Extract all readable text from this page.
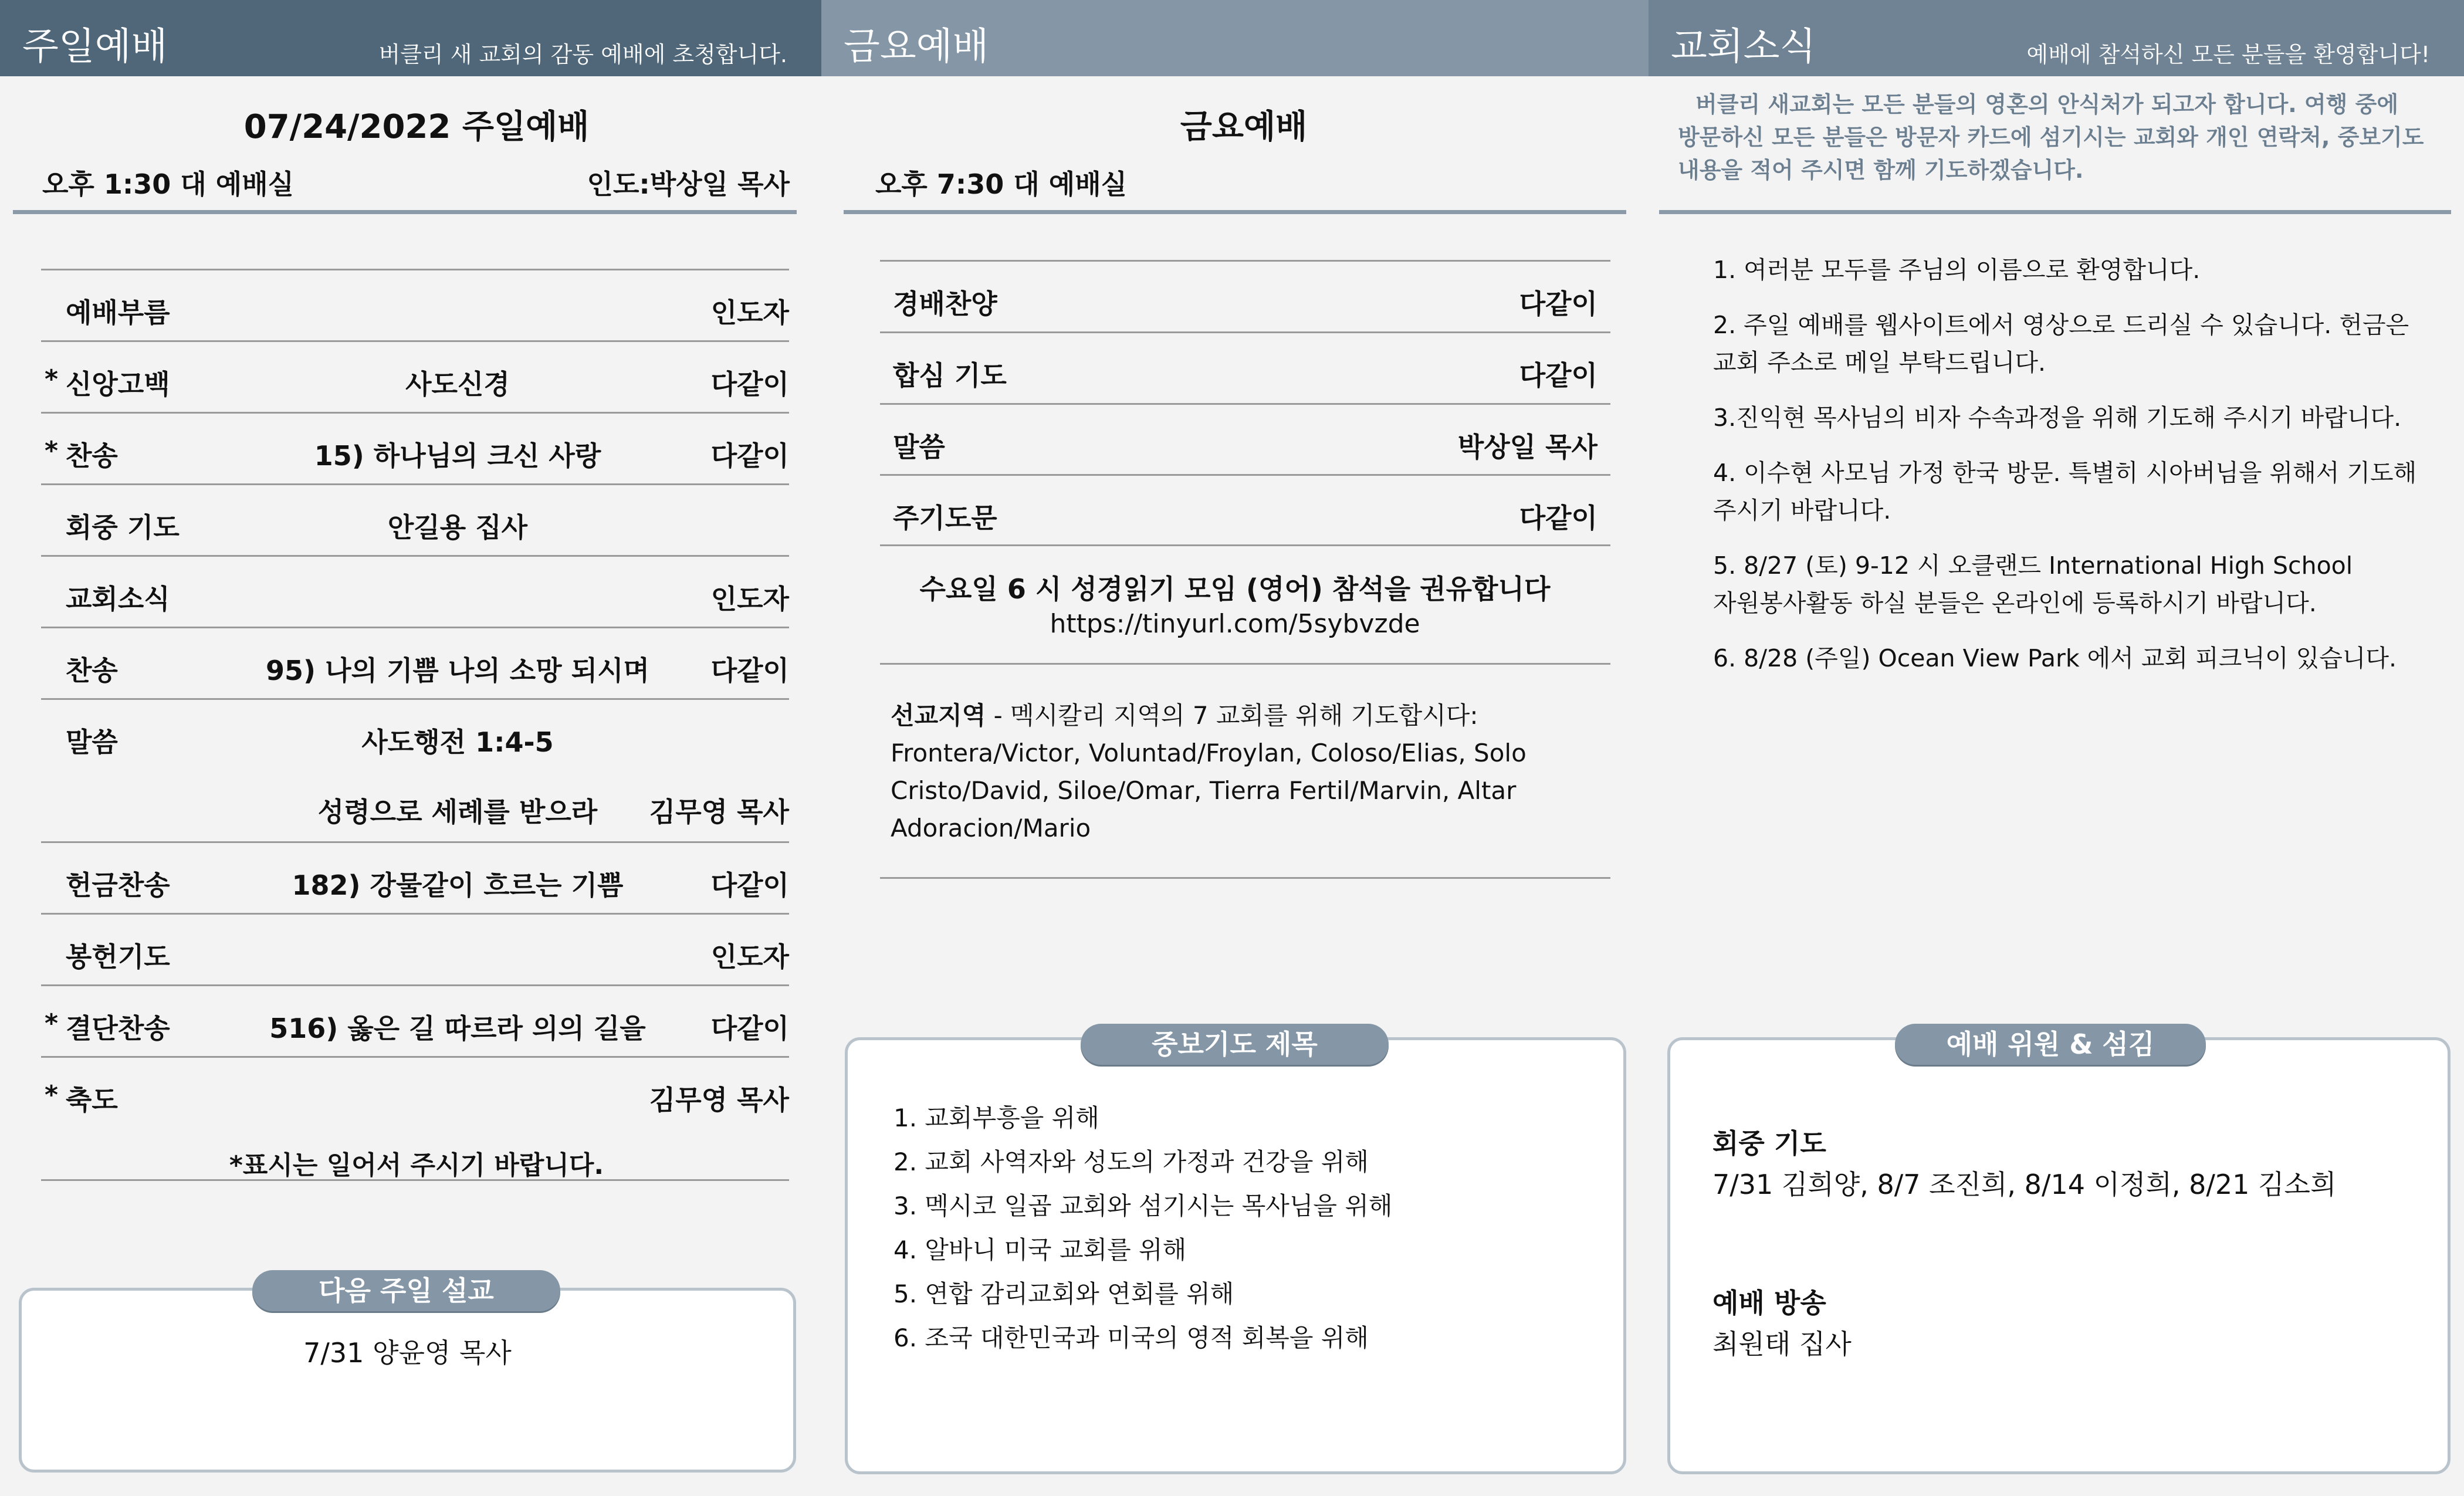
주일예배	버클리 새 교회의 감동 예배에 초청합니다.
07/24/2022 주일예배
오후 1:30 대 예배실	인도:박상일 목사
예배부름	인도자
* 신앙고백	사도신경	다같이
* 찬송	15) 하나님의 크신 사랑	다같이
회중 기도	안길용 집사
교회소식	인도자
찬송	95) 나의 기쁨 나의 소망 되시며	다같이
말씀	사도행전 1:4-5
성령으로 세례를 받으라	김무영 목사
헌금찬송	182) 강물같이 흐르는 기쁨	다같이
봉헌기도	인도자
* 결단찬송	516) 옳은 길 따르라 의의 길을	다같이
* 축도	김무영 목사
*표시는 일어서 주시기 바랍니다.
7/31 양윤영 목사
다음 주일 설교
금요예배
금요예배
오후 7:30 대 예배실
경배찬양	다같이
합심 기도	다같이
말씀	박상일 목사
주기도문	다같이
수요일 6 시 성경읽기 모임 (영어) 참석을 권유합니다
https://tinyurl.com/5sybvzde
선교지역 - 멕시칼리 지역의 7 교회를 위해 기도합시다:
Frontera/Victor, Voluntad/Froylan, Coloso/Elias, Solo
Cristo/David, Siloe/Omar, Tierra Fertil/Marvin, Altar
Adoracion/Mario
1. 교회부흥을 위해
2. 교회 사역자와 성도의 가정과 건강을 위해
3. 멕시코 일곱 교회와 섬기시는 목사님을 위해
4. 알바니 미국 교회를 위해
5. 연합 감리교회와 연회를 위해
6. 조국 대한민국과 미국의 영적 회복을 위해
중보기도 제목
교회소식	예배에 참석하신 모든 분들을 환영합니다!
버클리 새교회는 모든 분들의 영혼의 안식처가 되고자 합니다. 여행 중에
방문하신 모든 분들은 방문자 카드에 섬기시는 교회와 개인 연락처, 중보기도
내용을 적어 주시면 함께 기도하겠습니다.
1. 여러분 모두를 주님의 이름으로 환영합니다.
2. 주일 예배를 웹사이트에서 영상으로 드리실 수 있습니다. 헌금은
교회 주소로 메일 부탁드립니다.
3.진익현 목사님의 비자 수속과정을 위해 기도해 주시기 바랍니다.
4. 이수현 사모님 가정 한국 방문. 특별히 시아버님을 위해서 기도해
주시기 바랍니다.
5. 8/27 (토) 9-12 시 오클랜드 International High School
자원봉사활동 하실 분들은 온라인에 등록하시기 바랍니다.
6. 8/28 (주일) Ocean View Park 에서 교회 피크닉이 있습니다.
회중 기도
7/31 김희양, 8/7 조진희, 8/14 이정희, 8/21 김소희
예배 방송
최원태 집사
예배 위원 & 섬김
